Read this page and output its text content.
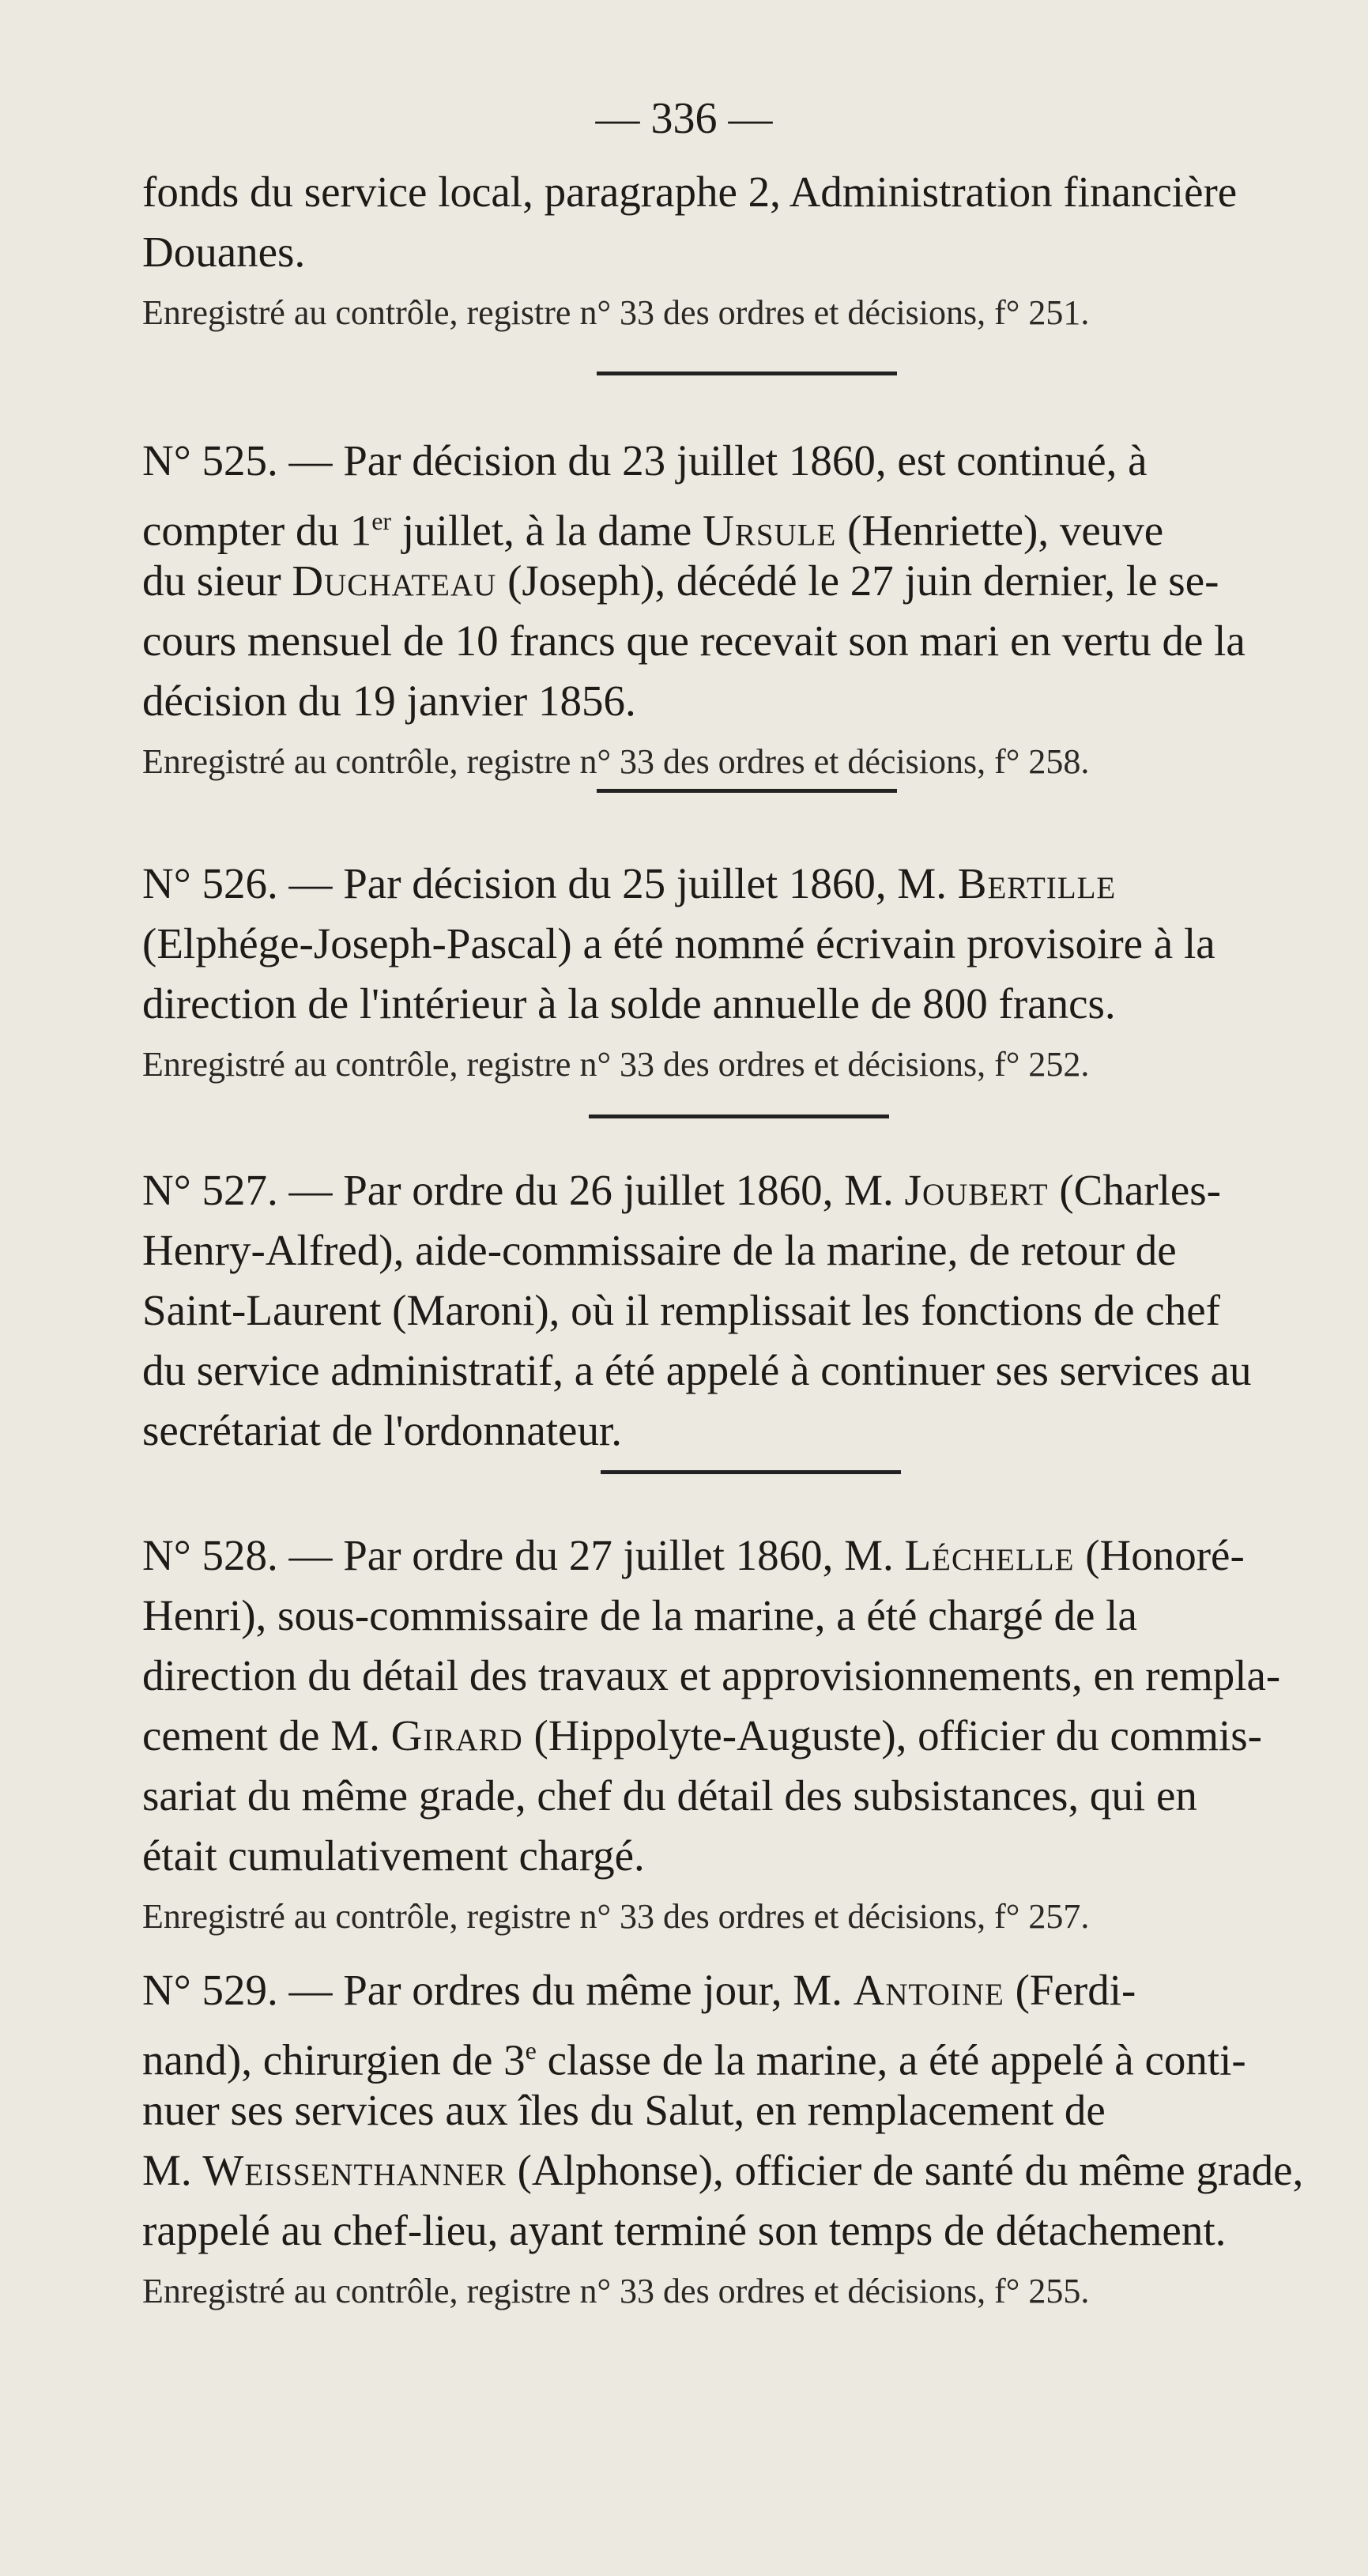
— 336 —
fonds du service local, paragraphe 2, Administration financière
Douanes.
Enregistré au contrôle, registre n° 33 des ordres et décisions, f° 251.
N° 525. — Par décision du 23 juillet 1860, est continué, à
compter du 1er juillet, à la dame Ursule (Henriette), veuve
du sieur Duchateau (Joseph), décédé le 27 juin dernier, le se-
cours mensuel de 10 francs que recevait son mari en vertu de la
décision du 19 janvier 1856.
Enregistré au contrôle, registre n° 33 des ordres et décisions, f° 258.
N° 526. — Par décision du 25 juillet 1860, M. Bertille
(Elphége-Joseph-Pascal) a été nommé écrivain provisoire à la
direction de l'intérieur à la solde annuelle de 800 francs.
Enregistré au contrôle, registre n° 33 des ordres et décisions, f° 252.
N° 527. — Par ordre du 26 juillet 1860, M. Joubert (Charles-
Henry-Alfred), aide-commissaire de la marine, de retour de
Saint-Laurent (Maroni), où il remplissait les fonctions de chef
du service administratif, a été appelé à continuer ses services au
secrétariat de l'ordonnateur.
N° 528. — Par ordre du 27 juillet 1860, M. Léchelle (Honoré-
Henri), sous-commissaire de la marine, a été chargé de la
direction du détail des travaux et approvisionnements, en rempla-
cement de M. Girard (Hippolyte-Auguste), officier du commis-
sariat du même grade, chef du détail des subsistances, qui en
était cumulativement chargé.
Enregistré au contrôle, registre n° 33 des ordres et décisions, f° 257.
N° 529. — Par ordres du même jour, M. Antoine (Ferdi-
nand), chirurgien de 3e classe de la marine, a été appelé à conti-
nuer ses services aux îles du Salut, en remplacement de
M. Weissenthanner (Alphonse), officier de santé du même grade,
rappelé au chef-lieu, ayant terminé son temps de détachement.
Enregistré au contrôle, registre n° 33 des ordres et décisions, f° 255.
